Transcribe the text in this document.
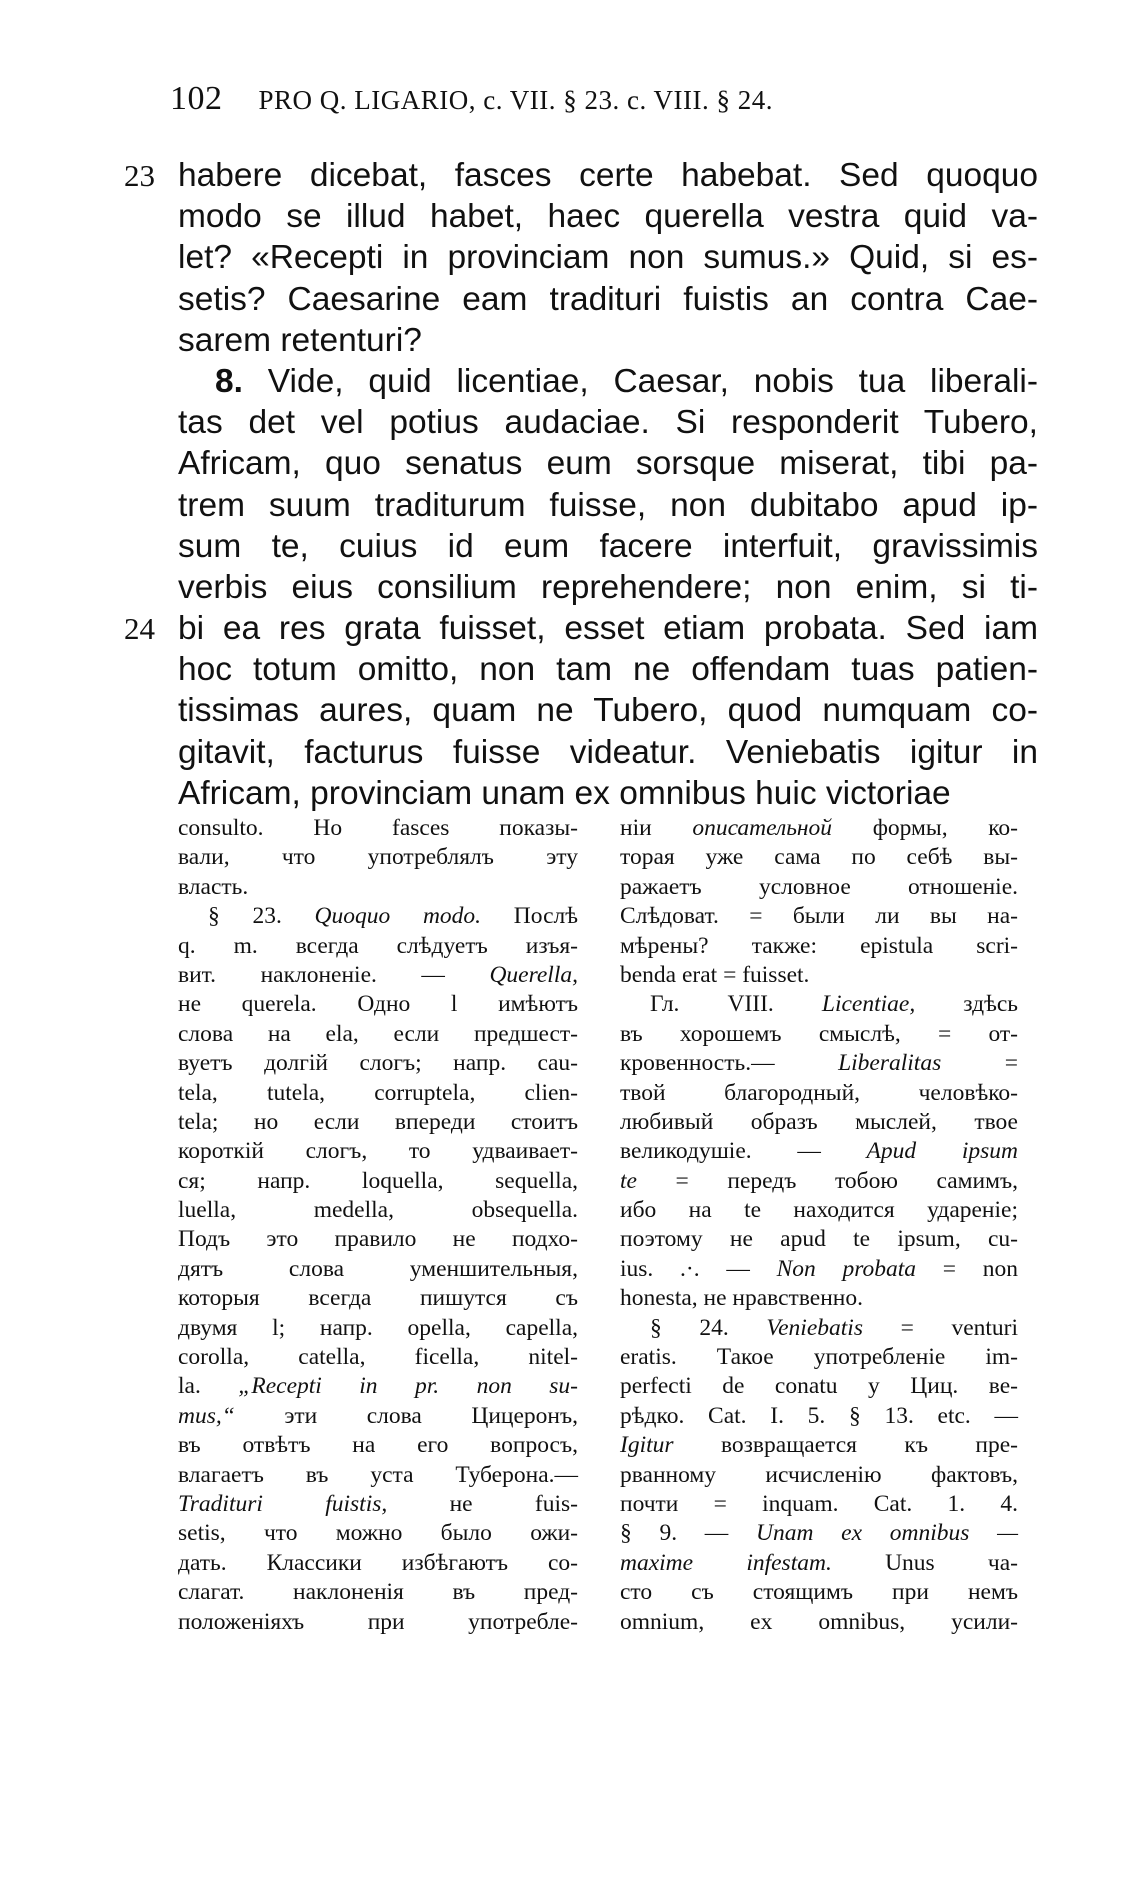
102 PRO Q. LIGARIO, c. VII. § 23. c. VIII. § 24.
23 habere dicebat, fasces certe habebat. Sed quoquo
modo se illud habet, haec querella vestra quid va-
let? «Recepti in provinciam non sumus.» Quid, si es-
setis? Caesarine eam traditurі fuistis an contra Cae-
sarem retenturi?
8. Vide, quid licentiae, Caesar, nobis tua liberali-
tas det vel potius audaciae. Si responderit Tubero,
Africam, quo senatus eum sorsque miserat, tibi pa-
trem suum traditurum fuisse, non dubitabo apud ip-
sum te, cuius id eum facere interfuit, gravissimis
verbis eius consilium reprehendere; non enim, si ti-
24 bi ea res grata fuisset, esset etiam probata. Sed iam
hoc totum omitto, non tam ne offendam tuas patien-
tissimas aures, quam ne Tubero, quod numquam co-
gitavit, facturus fuisse videatur. Veniebatis igitur in
Africam, provinciam unam ex omnibus huic victoriae
consulto. Но fasces показы-
вали, что употреблялъ эту
власть.
§ 23. Quoquo modo. Послѣ
q. m. всегда слѣдуетъ изъя-
вит. наклоненіе. — Querella,
не querela. Одно l имѣютъ
слова на ela, если предшест-
вуетъ долгій слогъ; напр. cau-
tela, tutela, corruptela, clien-
tela; но если впереди стоитъ
короткій слогъ, то удваивает-
ся; напр. loquella, sequella,
luella, medella, obsequella.
Подъ это правило не подхо-
дятъ слова уменшительныя,
которыя всегда пишутся съ
двумя l; напр. opella, capella,
corolla, catella, ficella, nitel-
la. „Recepti in pr. non su-
mus,“ эти слова Цицеронъ,
въ отвѣтъ на его вопросъ,
влагаетъ въ уста Туберона.—
Tradituri fuistis,	не fuis-
setis, что можно было ожи-
дать. Классики избѣгаютъ со-
слагат. наклоненія въ пред-
положеніяхъ при употребле-
ніи описательной формы, ко-
торая уже сама по себѣ вы-
ражаетъ условное отношеніе.
Слѣдоват. = были ли вы на-
мѣрены? также: epistula scri-
benda erat = fuisset.
Гл. VIII. Licentiae, здѣсь
въ хорошемъ смыслѣ, = от-
кровенность.—	Liberalitas	=
твой благородный, человѣко-
любивый образъ мыслей, твое
великодушіе. — Apud ipsum
te = передъ тобою самимъ,
ибо на te находится удареніе;
поэтому не apud te ipsum, cu-
ius. .·. — Non probata = non
honesta, не нравственно.
§ 24. Veniebatis = venturi
eratis. Такое употребленіе im-
perfecti de conatu у Циц. ве-
рѣдко. Cat. I. 5. § 13. etc. —
Igitur возвращается къ пре-
рванному исчисленію фактовъ,
почти = inquam. Cat. 1. 4.
§ 9. — Unam ex omnibus —
maxime infestam. Unus ча-
сто съ стоящимъ при немъ
omnium, ex omnibus, усили-
